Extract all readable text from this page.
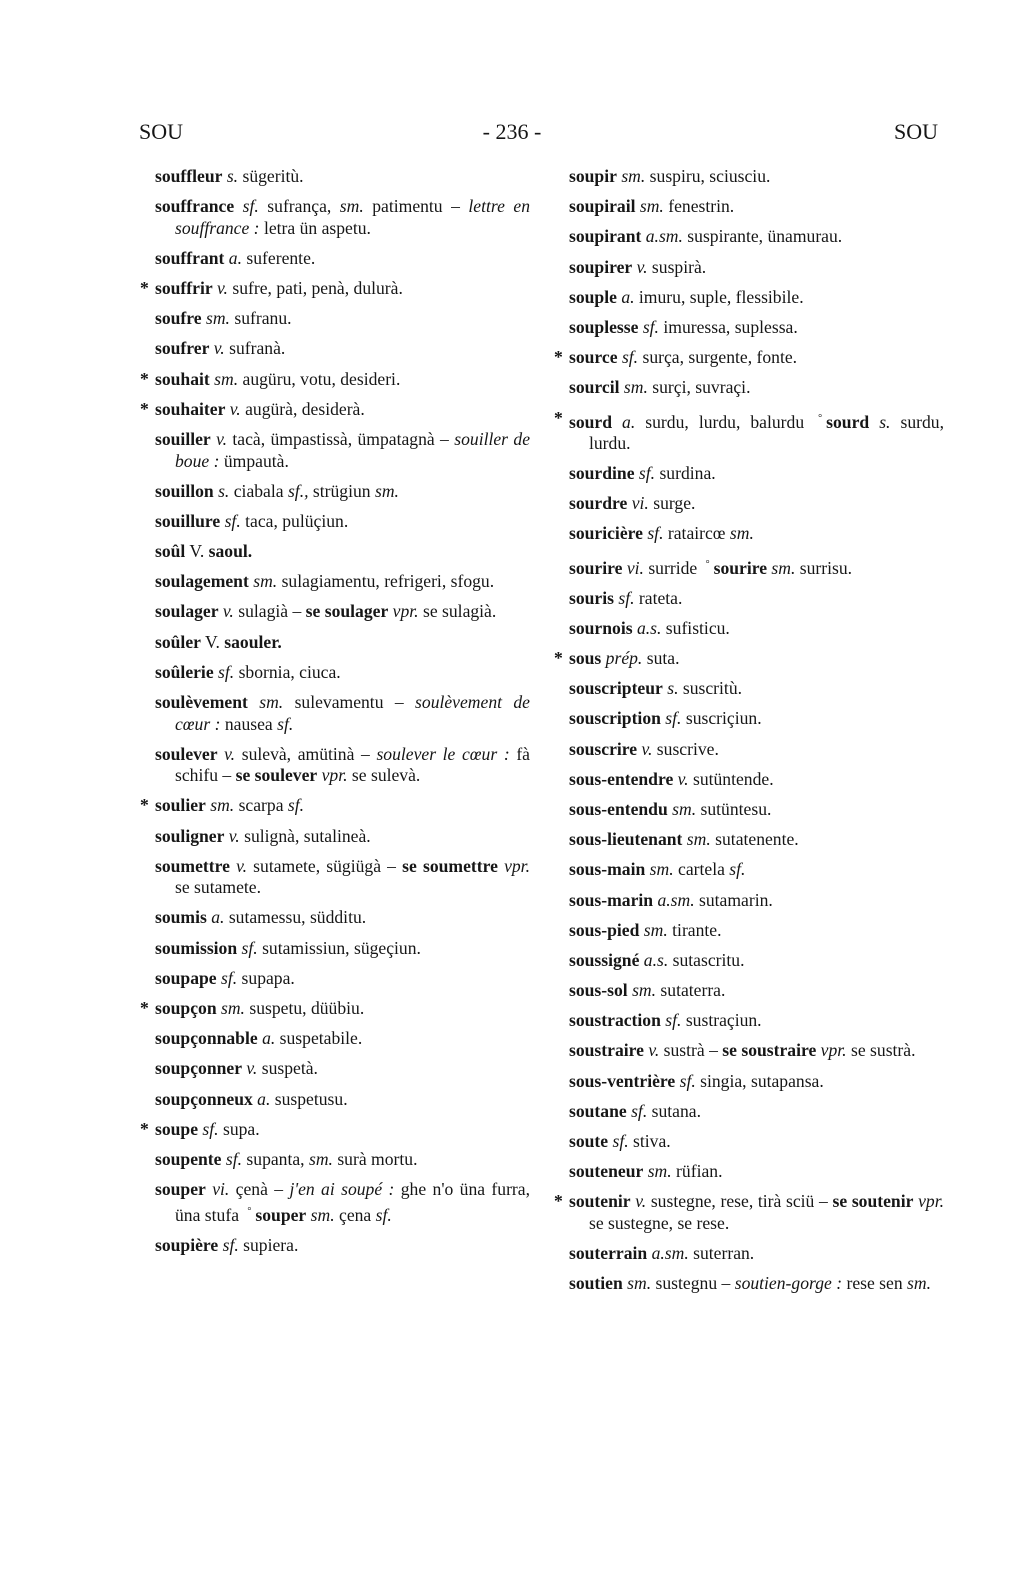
SOU	- 236 -	SOU
souffleur s. sügeritù.
souffrance sf. sufrança, sm. patimentu – lettre en souffrance : letra ün aspetu.
souffrant a. suferente.
* souffrir v. sufre, pati, penà, dulurà.
soufre sm. sufranu.
soufrer v. sufranà.
* souhait sm. augüru, votu, desideri.
* souhaiter v. augürà, desiderà.
souiller v. tacà, ümpastissà, ümpatagnà – souiller de boue : ümpautà.
souillon s. ciabala sf., strügiun sm.
souillure sf. taca, pulüçiun.
soûl V. saoul.
soulagement sm. sulagiamentu, refrigeri, sfogu.
soulager v. sulagià – se soulager vpr. se sulagià.
soûler V. saouler.
soûlerie sf. sbornia, ciuca.
soulèvement sm. sulevamentu – soulèvement de cœur : nausea sf.
soulever v. sulevà, amütinà – soulever le cœur : fà schifu – se soulever vpr. se sulevà.
* soulier sm. scarpa sf.
souligner v. sulignà, sutalineà.
soumettre v. sutamete, sügiügà – se soumettre vpr. se sutamete.
soumis a. sutamessu, südditu.
soumission sf. sutamissiun, sügeçiun.
soupape sf. supapa.
* soupçon sm. suspetu, düübiu.
soupçonnable a. suspetabile.
soupçonner v. suspetà.
soupçonneux a. suspetusu.
* soupe sf. supa.
soupente sf. supanta, sm. surà mortu.
souper vi. çenà – j'en ai soupé : ghe n'o üna furra, üna stufa ° souper sm. çena sf.
soupière sf. supiera.
soupir sm. suspiru, sciusciu.
soupirail sm. fenestrin.
soupirant a.sm. suspirante, ünamurau.
soupirer v. suspirà.
souple a. imuru, suple, flessibile.
souplesse sf. imuressa, suplessa.
* source sf. surça, surgente, fonte.
sourcil sm. surçi, suvraçi.
* sourd a. surdu, lurdu, balurdu ° sourd s. surdu, lurdu.
sourdine sf. surdina.
sourdre vi. surge.
souricière sf. rataircœ sm.
sourire vi. surride ° sourire sm. surrisu.
souris sf. rateta.
sournois a.s. sufisticu.
* sous prép. suta.
souscripteur s. suscritù.
souscription sf. suscriçiun.
souscrire v. suscrive.
sous-entendre v. sutüntende.
sous-entendu sm. sutüntesu.
sous-lieutenant sm. sutatenente.
sous-main sm. cartela sf.
sous-marin a.sm. sutamarin.
sous-pied sm. tirante.
soussigné a.s. sutascritu.
sous-sol sm. sutaterra.
soustraction sf. sustraçiun.
soustraire v. sustrà – se soustraire vpr. se sustrà.
sous-ventrière sf. singia, sutapansa.
soutane sf. sutana.
soute sf. stiva.
souteneur sm. rüfian.
* soutenir v. sustegne, rese, tirà sciü – se soutenir vpr. se sustegne, se rese.
souterrain a.sm. suterran.
soutien sm. sustegnu – soutien-gorge : rese sen sm.
